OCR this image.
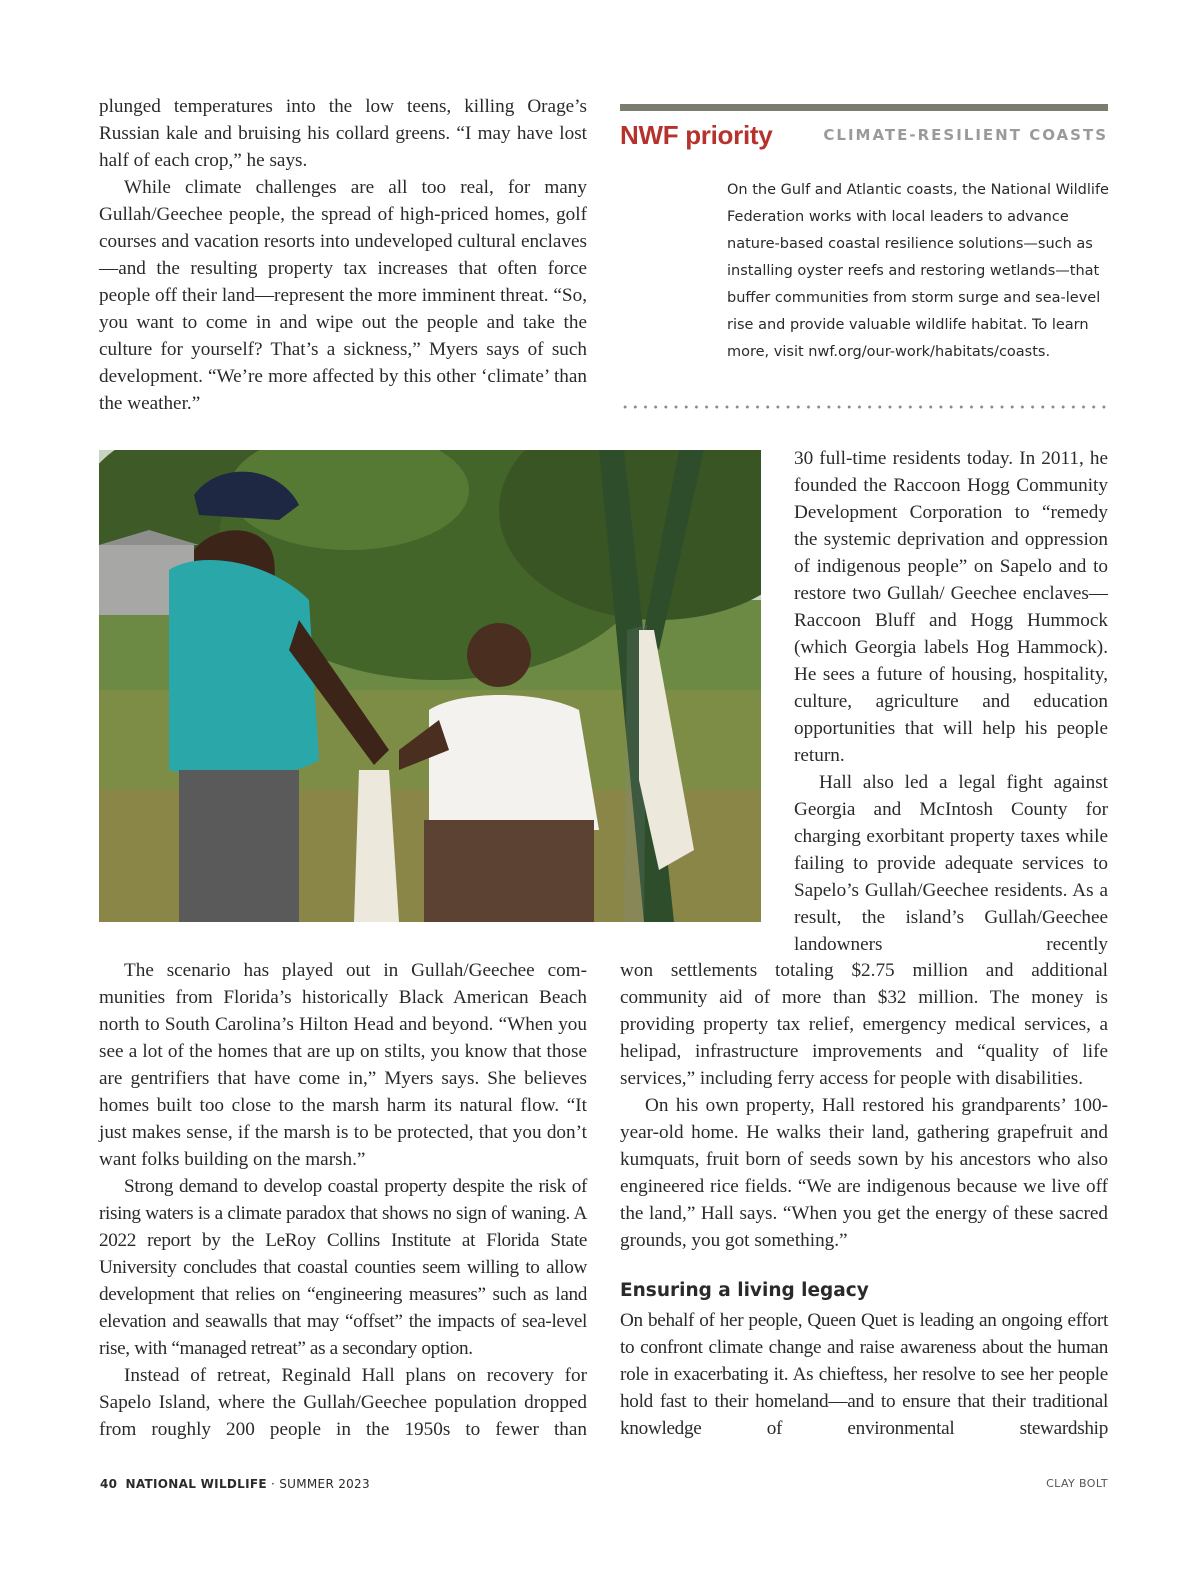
plunged temperatures into the low teens, killing Orage’s Russian kale and bruising his collard greens. “I may have lost half of each crop,” he says.

While climate challenges are all too real, for many Gullah/Geechee people, the spread of high-priced homes, golf courses and vacation resorts into undeveloped cultural enclaves—and the resulting property tax increases that often force people off their land—represent the more imminent threat. “So, you want to come in and wipe out the people and take the culture for yourself? That’s a sickness,” Myers says of such development. “We’re more affected by this other ‘climate’ than the weather.”

NWF priority	CLIMATE-RESILIENT COASTS

On the Gulf and Atlantic coasts, the National Wildlife Federation works with local leaders to advance nature-based coastal resilience solutions—such as installing oyster reefs and restoring wetlands—that buffer communities from storm surge and sea-level rise and provide valuable wildlife habitat. To learn more, visit nwf.org/our-work/habitats/coasts.

30 full-time residents today. In 2011, he founded the Raccoon Hogg Community Development Corporation to “remedy the systemic deprivation and oppression of indigenous people” on Sapelo and to restore two Gullah/ Geechee enclaves—Raccoon Bluff and Hogg Hummock (which Georgia labels Hog Hammock). He sees a future of housing, hospitality, culture, agriculture and education opportunities that will help his people return.

Hall also led a legal fight against Georgia and McIntosh County for charging exorbitant property taxes while failing to provide adequate services to Sapelo’s Gullah/Geechee residents. As a result, the island’s Gullah/Geechee landowners recently

The scenario has played out in Gullah/Geechee communities from Florida’s historically Black American Beach north to South Carolina’s Hilton Head and beyond. “When you see a lot of the homes that are up on stilts, you know that those are gentrifiers that have come in,” Myers says. She believes homes built too close to the marsh harm its natural flow. “It just makes sense, if the marsh is to be protected, that you don’t want folks building on the marsh.”

Strong demand to develop coastal property despite the risk of rising waters is a climate paradox that shows no sign of waning. A 2022 report by the LeRoy Collins Institute at Florida State University concludes that coastal counties seem willing to allow development that relies on “engineering measures” such as land elevation and seawalls that may “offset” the impacts of sea-level rise, with “managed retreat” as a secondary option.

Instead of retreat, Reginald Hall plans on recovery for Sapelo Island, where the Gullah/Geechee population dropped from roughly 200 people in the 1950s to fewer than

won settlements totaling $2.75 million and additional community aid of more than $32 million. The money is providing property tax relief, emergency medical services, a helipad, infrastructure improvements and “quality of life services,” including ferry access for people with disabilities.

On his own property, Hall restored his grandparents’ 100-year-old home. He walks their land, gathering grapefruit and kumquats, fruit born of seeds sown by his ancestors who also engineered rice fields. “We are indigenous because we live off the land,” Hall says. “When you get the energy of these sacred grounds, you got something.”

Ensuring a living legacy

On behalf of her people, Queen Quet is leading an ongoing effort to confront climate change and raise awareness about the human role in exacerbating it. As chieftess, her resolve to see her people hold fast to their homeland—and to ensure that their traditional knowledge of environmental stewardship

40 NATIONAL WILDLIFE · SUMMER 2023	CLAY BOLT
